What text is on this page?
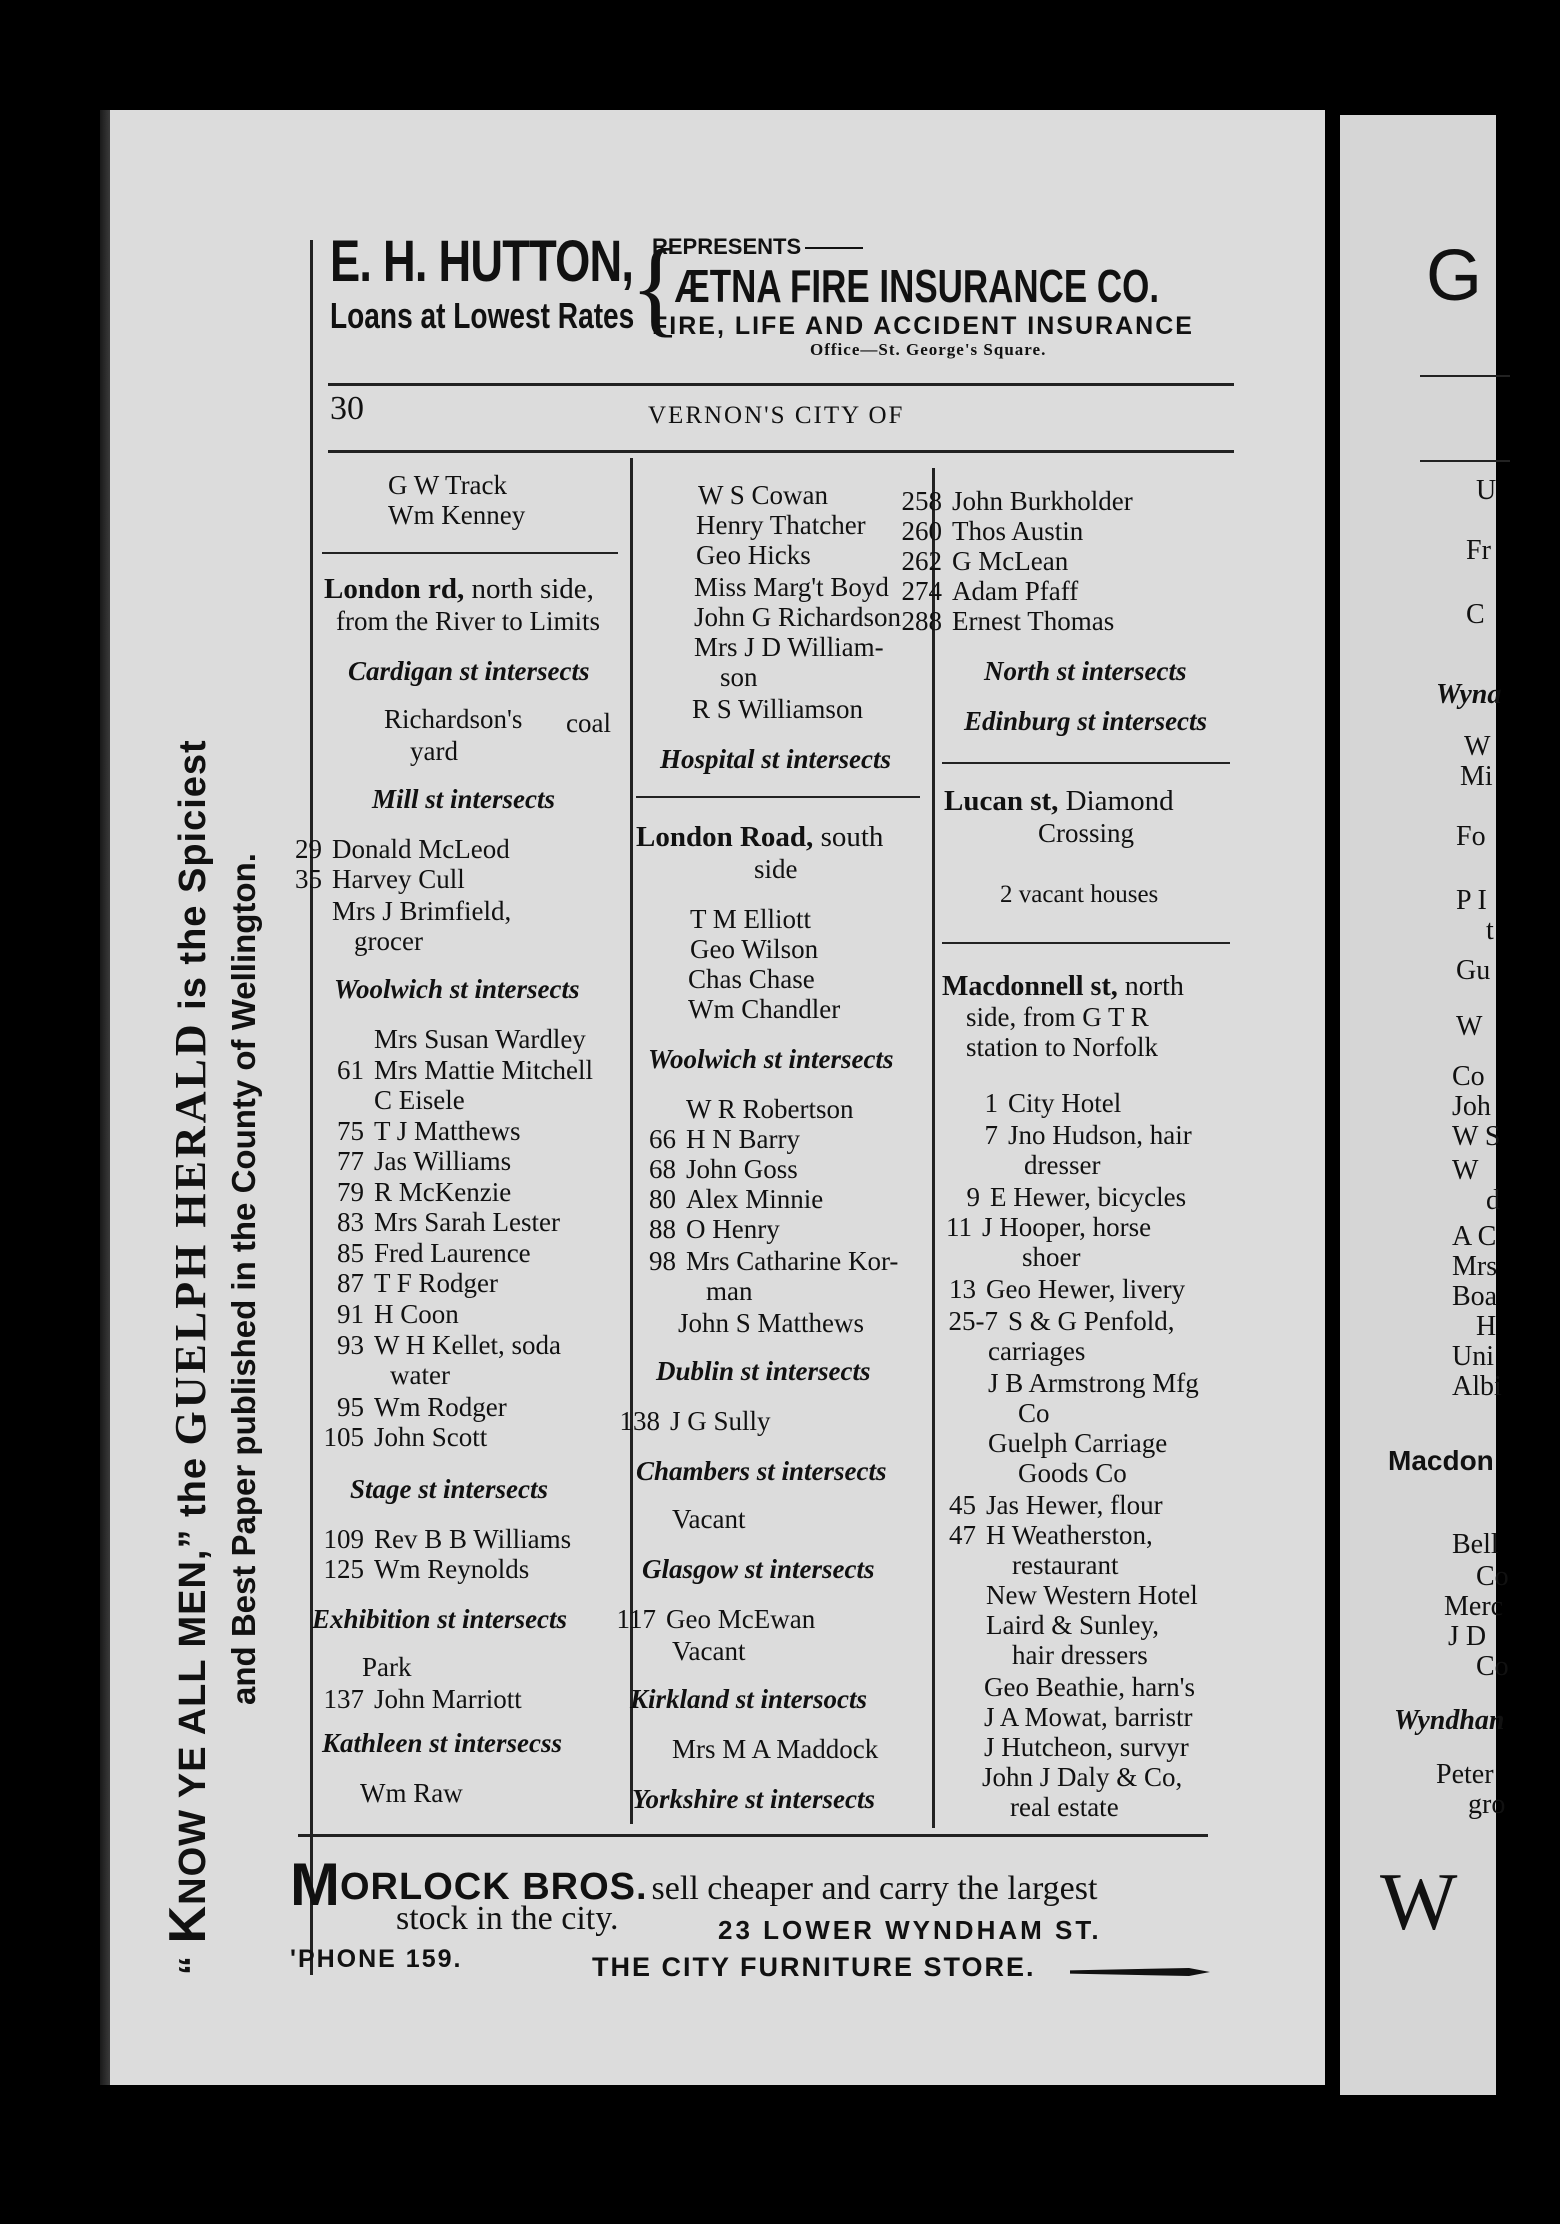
“ KNOW YE ALL MEN,” the GUELPH HERALD is the Spiciest and Best Paper published in the County of Wellington.
E. H. HUTTON,
Loans at Lowest Rates
{
REPRESENTS
ÆTNA FIRE INSURANCE CO.
FIRE, LIFE AND ACCIDENT INSURANCE
Office—St. George's Square.
30	VERNON'S CITY OF
G W Track
Wm Kenney
London rd, north side,
from the River to Limits
Cardigan st intersects
Richardson's coal
yard
Mill st intersects
29 Donald McLeod
35 Harvey Cull
Mrs J Brimfield,
grocer
Woolwich st intersects
Mrs Susan Wardley
61 Mrs Mattie Mitchell
C Eisele
75 T J Matthews
77 Jas Williams
79 R McKenzie
83 Mrs Sarah Lester
85 Fred Laurence
87 T F Rodger
91 H Coon
93 W H Kellet, soda
water
95 Wm Rodger
105 John Scott
Stage st intersects
109 Rev B B Williams
125 Wm Reynolds
Exhibition st intersects
Park
137 John Marriott
Kathleen st intersecss
Wm Raw
W S Cowan
Henry Thatcher
Geo Hicks
Miss Marg't Boyd
John G Richardson
Mrs J D William-
son
R S Williamson
Hospital st intersects
London Road, south
side
T M Elliott
Geo Wilson
Chas Chase
Wm Chandler
Woolwich st intersects
W R Robertson
66 H N Barry
68 John Goss
80 Alex Minnie
88 O Henry
98 Mrs Catharine Kor-
man
John S Matthews
Dublin st intersects
138 J G Sully
Chambers st intersects
Vacant
Glasgow st intersects
117 Geo McEwan
Vacant
Kirkland st intersocts
Mrs M A Maddock
Yorkshire st intersects
258 John Burkholder
260 Thos Austin
262 G McLean
274 Adam Pfaff
288 Ernest Thomas
North st intersects
Edinburg st intersects
Lucan st, Diamond
Crossing
2 vacant houses
Macdonnell st, north
side, from G T R
station to Norfolk
1 City Hotel
7 Jno Hudson, hair
dresser
9 E Hewer, bicycles
11 J Hooper, horse
shoer
13 Geo Hewer, livery
25-7 S & G Penfold,
carriages
J B Armstrong Mfg
Co
Guelph Carriage
Goods Co
45 Jas Hewer, flour
47 H Weatherston,
restaurant
New Western Hotel
Laird & Sunley,
hair dressers
Geo Beathie, harn's
J A Mowat, barristr
J Hutcheon, survyr
John J Daly & Co,
real estate
MORLOCK BROS. sell cheaper and carry the largest
stock in the city.	23 LOWER WYNDHAM ST.
'PHONE 159.	THE CITY FURNITURE STORE.
G
U
Fr
C
Wyna
W
Mi
Fo
P I
t
Gu
W
Co
Joh
W S
W
d
A C
Mrs
Boa
H
Uni
Albi
Macdon
Bell
Co
Merc
J D
Co
Wyndhan
Peter
gro
W
